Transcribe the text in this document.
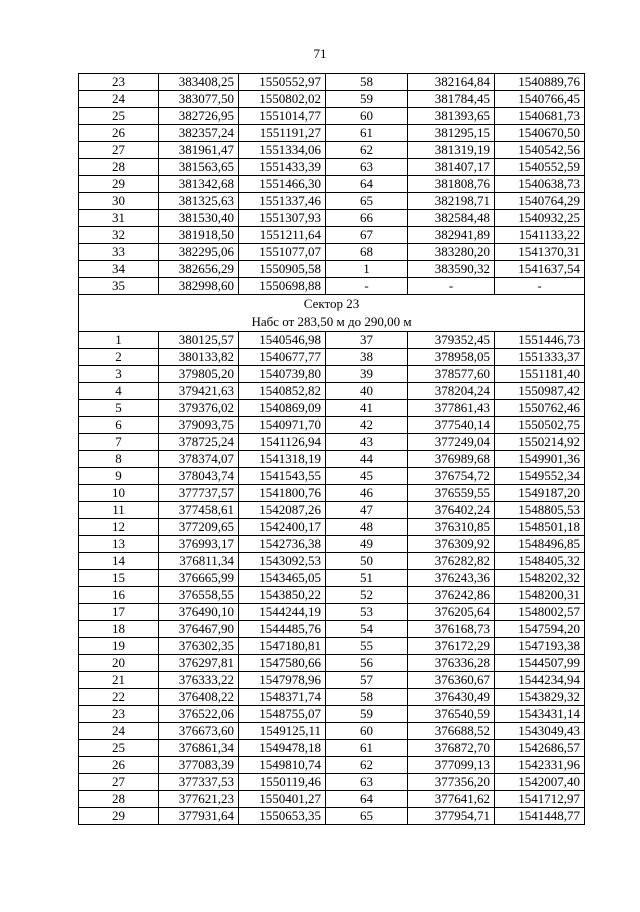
71
23	383408,25	1550552,97	58	382164,84	1540889,76
24	383077,50	1550802,02	59	381784,45	1540766,45
25	382726,95	1551014,77	60	381393,65	1540681,73
26	382357,24	1551191,27	61	381295,15	1540670,50
27	381961,47	1551334,06	62	381319,19	1540542,56
28	381563,65	1551433,39	63	381407,17	1540552,59
29	381342,68	1551466,30	64	381808,76	1540638,73
30	381325,63	1551337,46	65	382198,71	1540764,29
31	381530,40	1551307,93	66	382584,48	1540932,25
32	381918,50	1551211,64	67	382941,89	1541133,22
33	382295,06	1551077,07	68	383280,20	1541370,31
34	382656,29	1550905,58	1	383590,32	1541637,54
35	382998,60	1550698,88	-	-	-
Сектор 23					
Набс от 283,50 м до 290,00 м					
1	380125,57	1540546,98	37	379352,45	1551446,73
2	380133,82	1540677,77	38	378958,05	1551333,37
3	379805,20	1540739,80	39	378577,60	1551181,40
4	379421,63	1540852,82	40	378204,24	1550987,42
5	379376,02	1540869,09	41	377861,43	1550762,46
6	379093,75	1540971,70	42	377540,14	1550502,75
7	378725,24	1541126,94	43	377249,04	1550214,92
8	378374,07	1541318,19	44	376989,68	1549901,36
9	378043,74	1541543,55	45	376754,72	1549552,34
10	377737,57	1541800,76	46	376559,55	1549187,20
11	377458,61	1542087,26	47	376402,24	1548805,53
12	377209,65	1542400,17	48	376310,85	1548501,18
13	376993,17	1542736,38	49	376309,92	1548496,85
14	376811,34	1543092,53	50	376282,82	1548405,32
15	376665,99	1543465,05	51	376243,36	1548202,32
16	376558,55	1543850,22	52	376242,86	1548200,31
17	376490,10	1544244,19	53	376205,64	1548002,57
18	376467,90	1544485,76	54	376168,73	1547594,20
19	376302,35	1547180,81	55	376172,29	1547193,38
20	376297,81	1547580,66	56	376336,28	1544507,99
21	376333,22	1547978,96	57	376360,67	1544234,94
22	376408,22	1548371,74	58	376430,49	1543829,32
23	376522,06	1548755,07	59	376540,59	1543431,14
24	376673,60	1549125,11	60	376688,52	1543049,43
25	376861,34	1549478,18	61	376872,70	1542686,57
26	377083,39	1549810,74	62	377099,13	1542331,96
27	377337,53	1550119,46	63	377356,20	1542007,40
28	377621,23	1550401,27	64	377641,62	1541712,97
29	377931,64	1550653,35	65	377954,71	1541448,77
